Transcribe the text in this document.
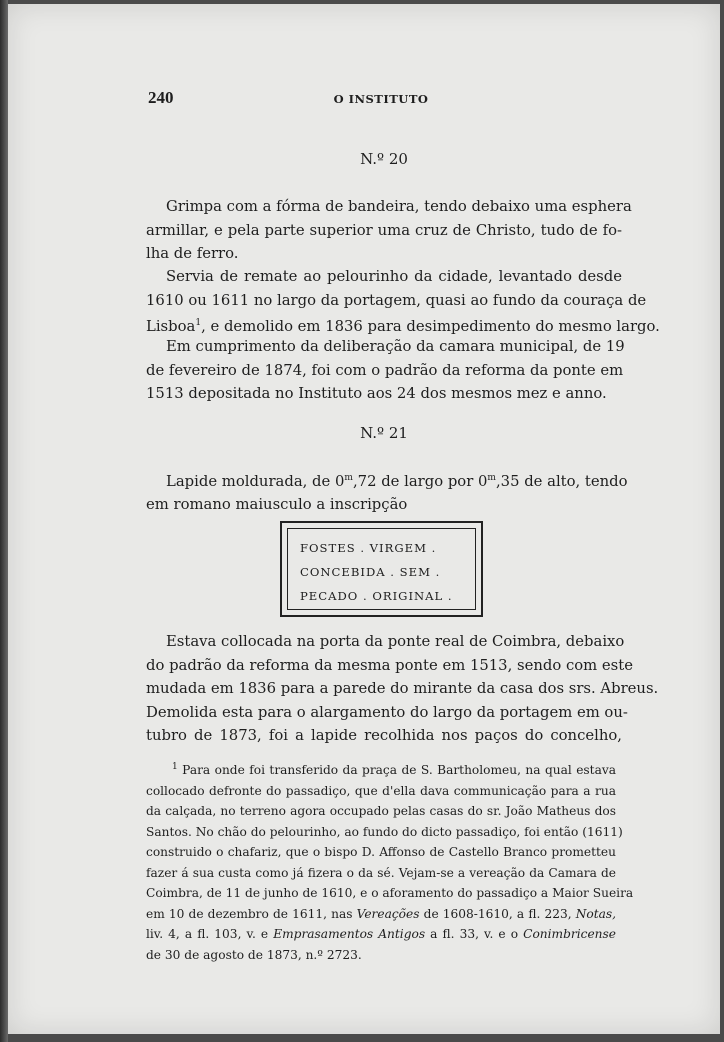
240	O INSTITUTO
N.º 20
Grimpa com a fórma de bandeira, tendo debaixo uma esphera
armillar, e pela parte superior uma cruz de Christo, tudo de fo-
lha de ferro.
Servia de remate ao pelourinho da cidade, levantado desde
1610 ou 1611 no largo da portagem, quasi ao fundo da couraça de
Lisboa$^1$, e demolido em 1836 para desimpedimento do mesmo largo.
Em cumprimento da deliberação da camara municipal, de 19
de fevereiro de 1874, foi com o padrão da reforma da ponte em
1513 depositada no Instituto aos 24 dos mesmos mez e anno.
N.º 21
Lapide moldurada, de 0$^m$,72 de largo por 0$^m$,35 de alto, tendo
em romano maiusculo a inscripção
FOSTES . VIRGEM .
CONCEBIDA . SEM .
PECADO . ORIGINAL .
Estava collocada na porta da ponte real de Coimbra, debaixo
do padrão da reforma da mesma ponte em 1513, sendo com este
mudada em 1836 para a parede do mirante da casa dos srs. Abreus.
Demolida esta para o alargamento do largo da portagem em ou-
tubro de 1873, foi a lapide recolhida nos paços do concelho,
$^1$ Para onde foi transferido da praça de S. Bartholomeu, na qual estava
collocado defronte do passadiço, que d'ella dava communicação para a rua
da calçada, no terreno agora occupado pelas casas do sr. João Matheus dos
Santos. No chão do pelourinho, ao fundo do dicto passadiço, foi então (1611)
construido o chafariz, que o bispo D. Affonso de Castello Branco prometteu
fazer á sua custa como já fizera o da sé. Vejam-se a vereação da Camara de
Coimbra, de 11 de junho de 1610, e o aforamento do passadiço a Maior Sueira
em 10 de dezembro de 1611, nas Vereações de 1608-1610, a fl. 223, Notas,
liv. 4, a fl. 103, v. e Emprasamentos Antigos a fl. 33, v. e o Conimbricense
de 30 de agosto de 1873, n.º 2723.
